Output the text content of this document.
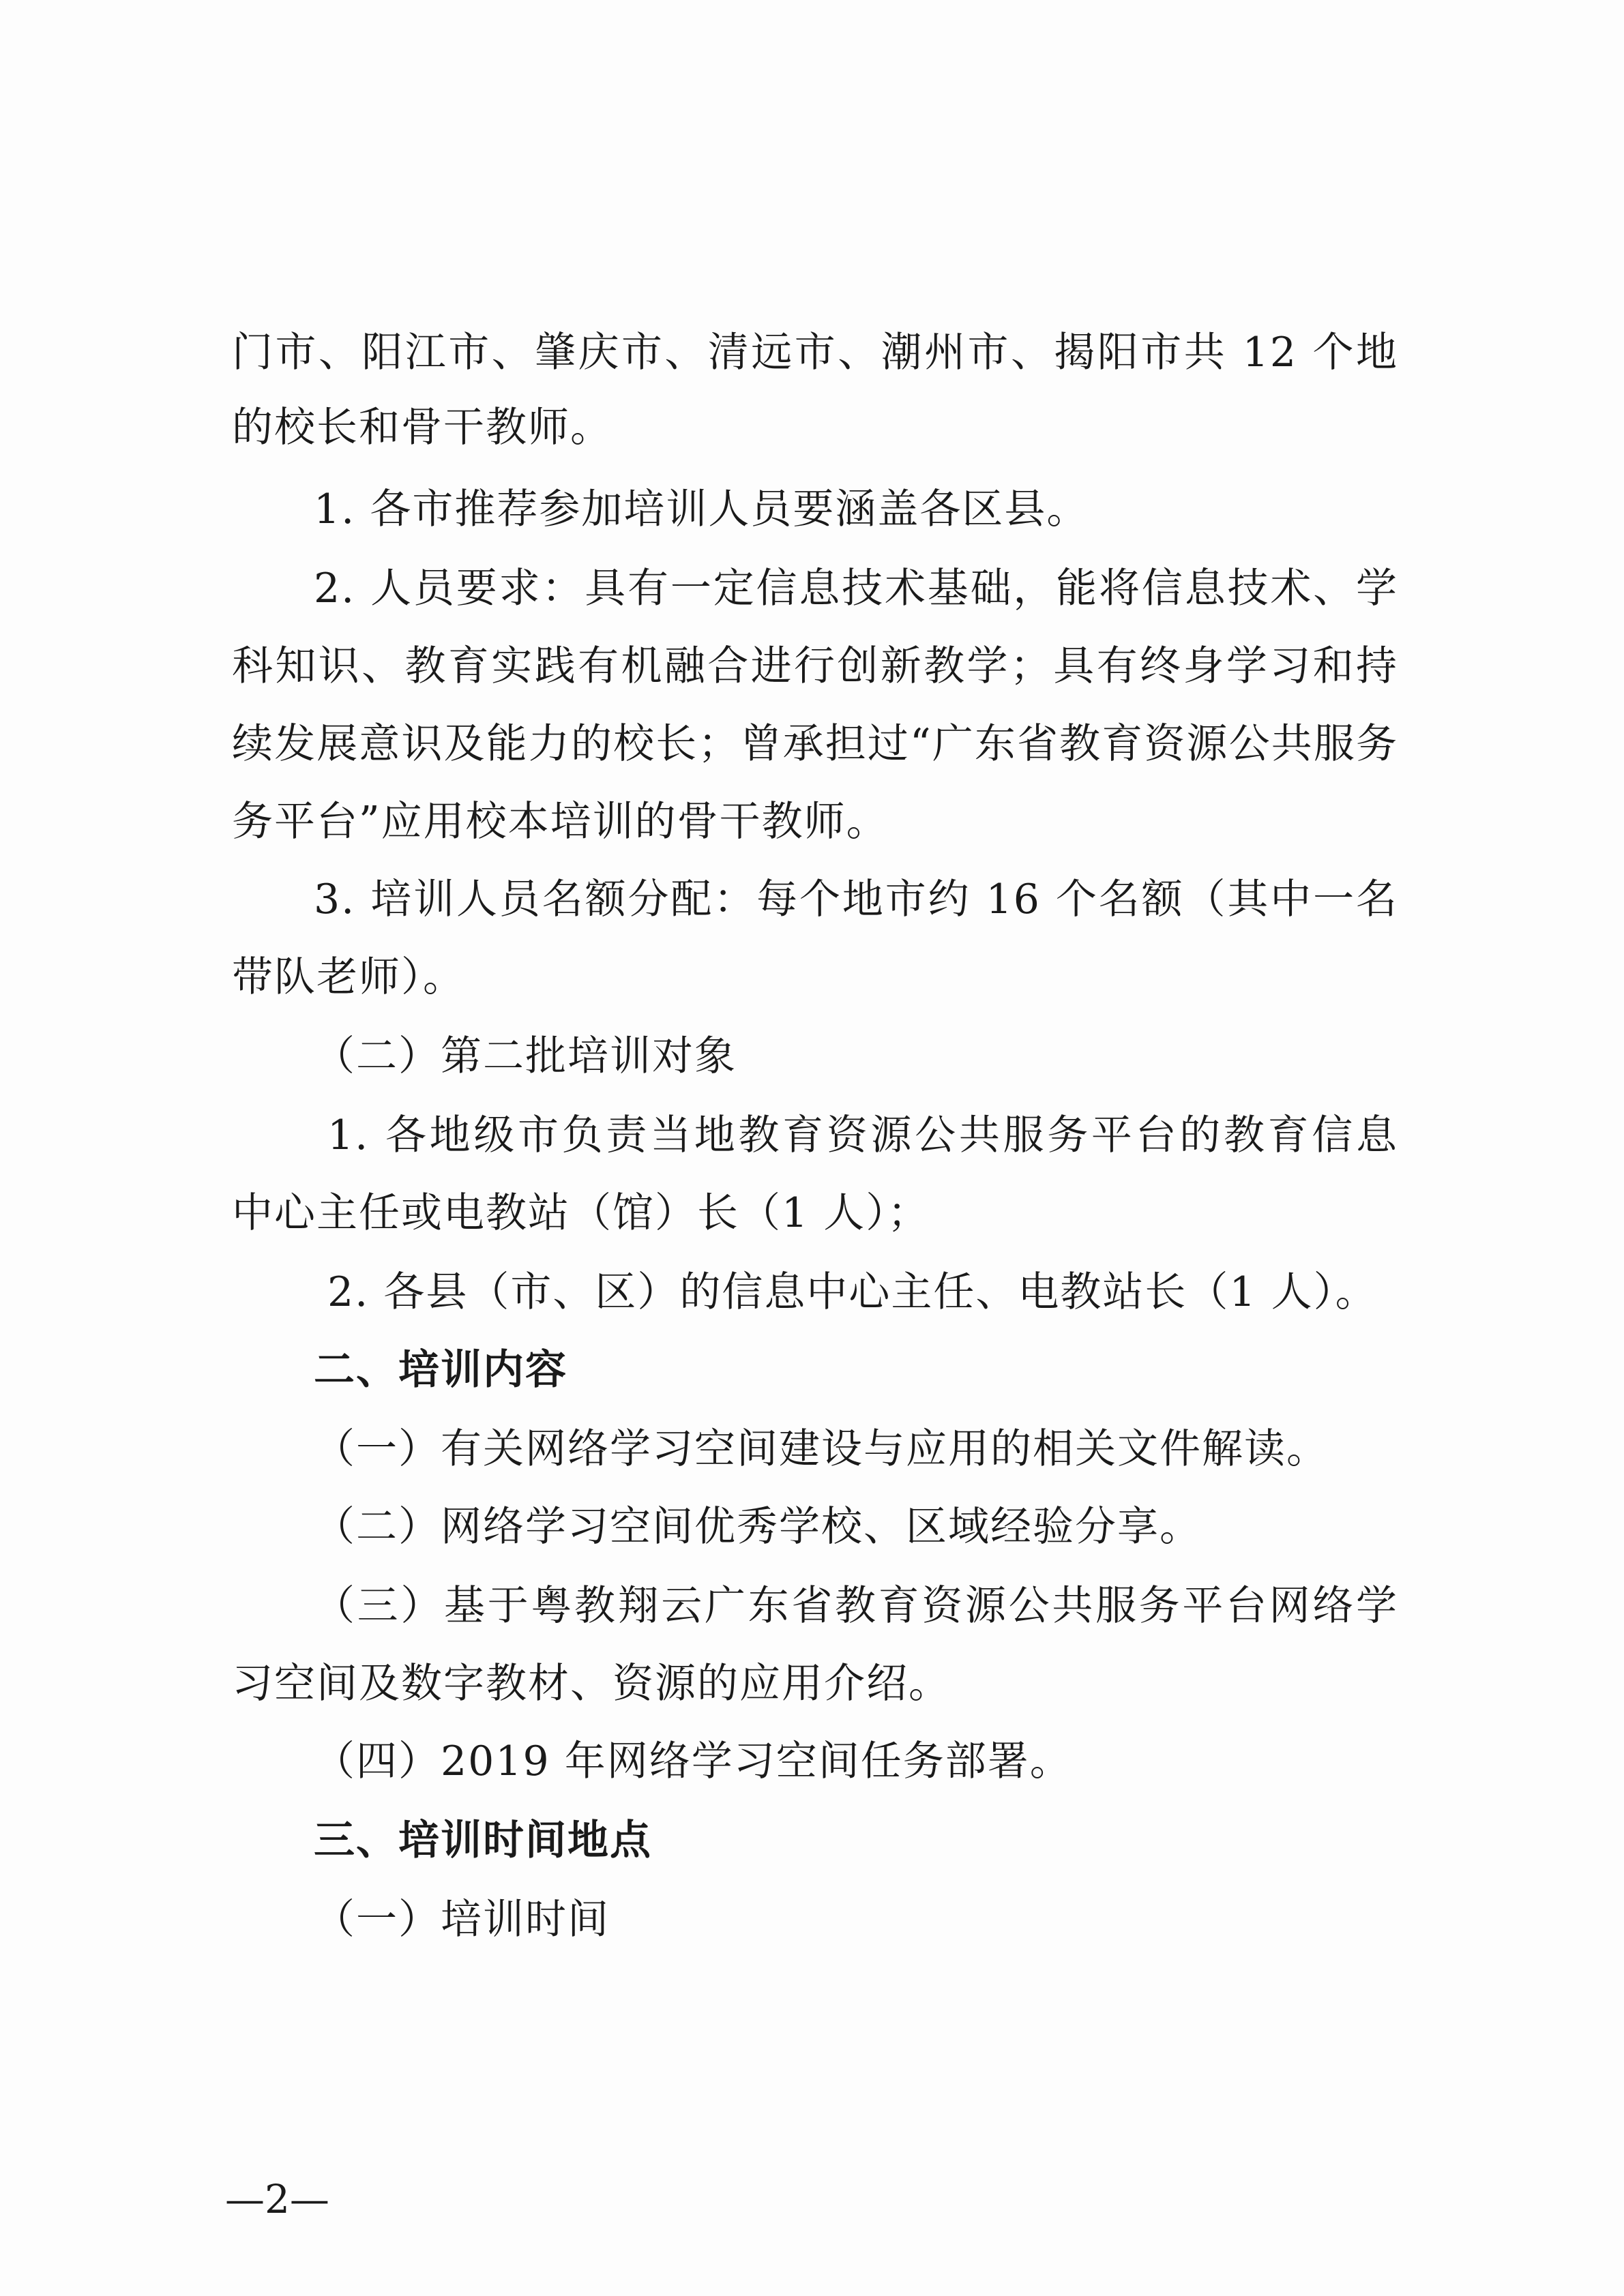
门市、阳江市、肇庆市、清远市、潮州市、揭阳市共 12 个地
的校长和骨干教师。
1. 各市推荐参加培训人员要涵盖各区县。
2. 人员要求：具有一定信息技术基础，能将信息技术、学
科知识、教育实践有机融合进行创新教学；具有终身学习和持
续发展意识及能力的校长；曾承担过“广东省教育资源公共服务
务平台”应用校本培训的骨干教师。
3. 培训人员名额分配：每个地市约 16 个名额（其中一名
带队老师）。
（二）第二批培训对象
1. 各地级市负责当地教育资源公共服务平台的教育信息
中心主任或电教站（馆）长（1 人）；
2. 各县（市、区）的信息中心主任、电教站长（1 人）。
二、培训内容
（一）有关网络学习空间建设与应用的相关文件解读。
（二）网络学习空间优秀学校、区域经验分享。
（三）基于粤教翔云广东省教育资源公共服务平台网络学
习空间及数字教材、资源的应用介绍。
（四）2019 年网络学习空间任务部署。
三、培训时间地点
（一）培训时间
—2—
